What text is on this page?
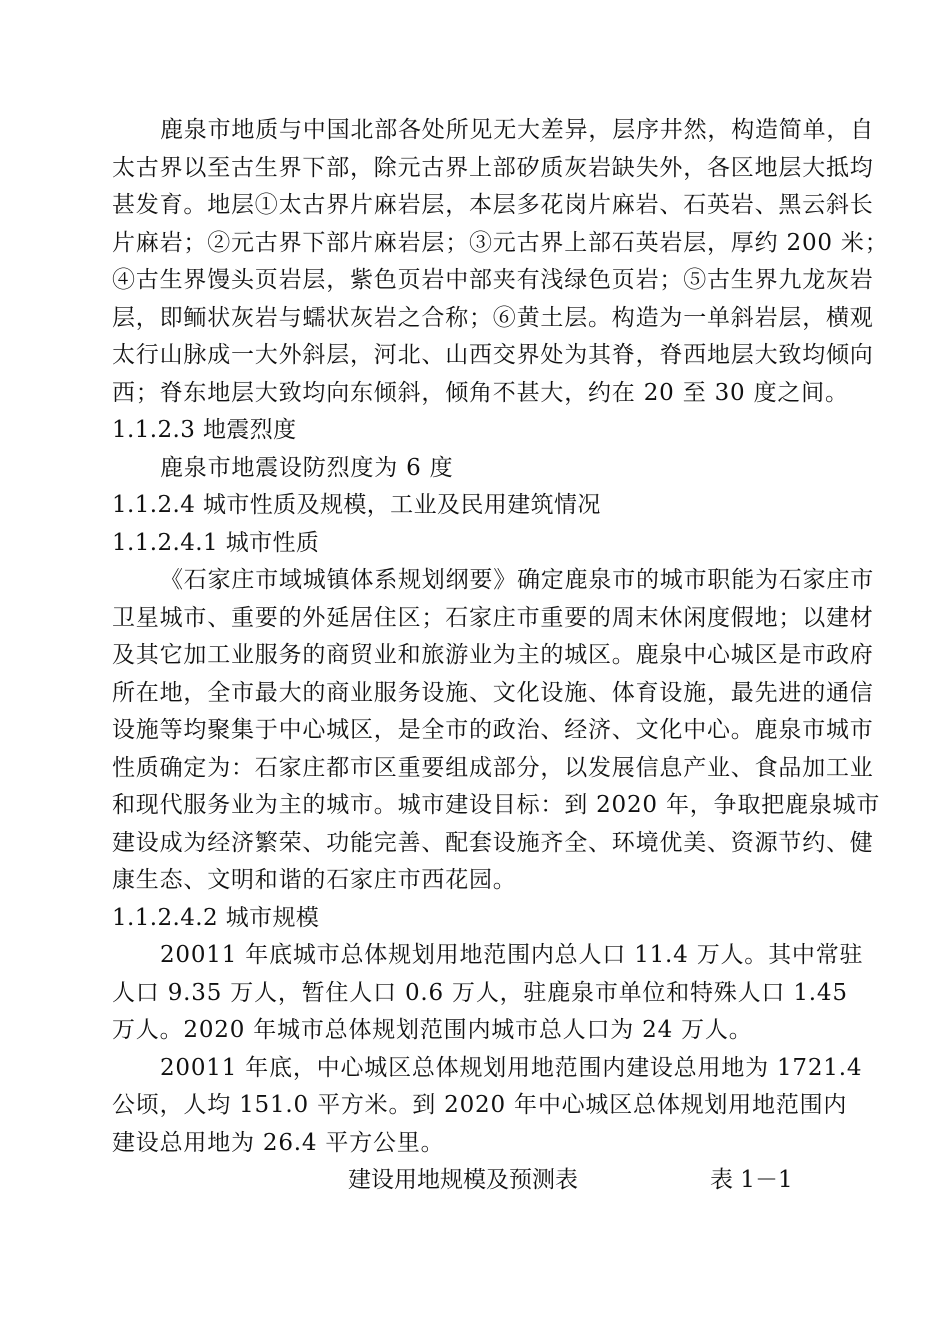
鹿泉市地质与中国北部各处所见无大差异，层序井然，构造简单，自
太古界以至古生界下部，除元古界上部矽质灰岩缺失外，各区地层大抵均
甚发育。地层①太古界片麻岩层，本层多花岗片麻岩、石英岩、黑云斜长
片麻岩；②元古界下部片麻岩层；③元古界上部石英岩层，厚约 200 米；
④古生界馒头页岩层，紫色页岩中部夹有浅绿色页岩；⑤古生界九龙灰岩
层，即鲕状灰岩与蠕状灰岩之合称；⑥黄土层。构造为一单斜岩层，横观
太行山脉成一大外斜层，河北、山西交界处为其脊，脊西地层大致均倾向
西；脊东地层大致均向东倾斜，倾角不甚大，约在 20 至 30 度之间。
1.1.2.3 地震烈度
鹿泉市地震设防烈度为 6 度
1.1.2.4 城市性质及规模，工业及民用建筑情况
1.1.2.4.1 城市性质
《石家庄市域城镇体系规划纲要》确定鹿泉市的城市职能为石家庄市
卫星城市、重要的外延居住区；石家庄市重要的周末休闲度假地；以建材
及其它加工业服务的商贸业和旅游业为主的城区。鹿泉中心城区是市政府
所在地，全市最大的商业服务设施、文化设施、体育设施，最先进的通信
设施等均聚集于中心城区，是全市的政治、经济、文化中心。鹿泉市城市
性质确定为：石家庄都市区重要组成部分，以发展信息产业、食品加工业
和现代服务业为主的城市。城市建设目标：到 2020 年，争取把鹿泉城市
建设成为经济繁荣、功能完善、配套设施齐全、环境优美、资源节约、健
康生态、文明和谐的石家庄市西花园。
1.1.2.4.2 城市规模
20011 年底城市总体规划用地范围内总人口 11.4 万人。其中常驻
人口 9.35 万人，暂住人口 0.6 万人，驻鹿泉市单位和特殊人口 1.45
万人。2020 年城市总体规划范围内城市总人口为 24 万人。
20011 年底，中心城区总体规划用地范围内建设总用地为 1721.4
公顷，人均 151.0 平方米。到 2020 年中心城区总体规划用地范围内
建设总用地为 26.4 平方公里。
建设用地规模及预测表	表 1－1
